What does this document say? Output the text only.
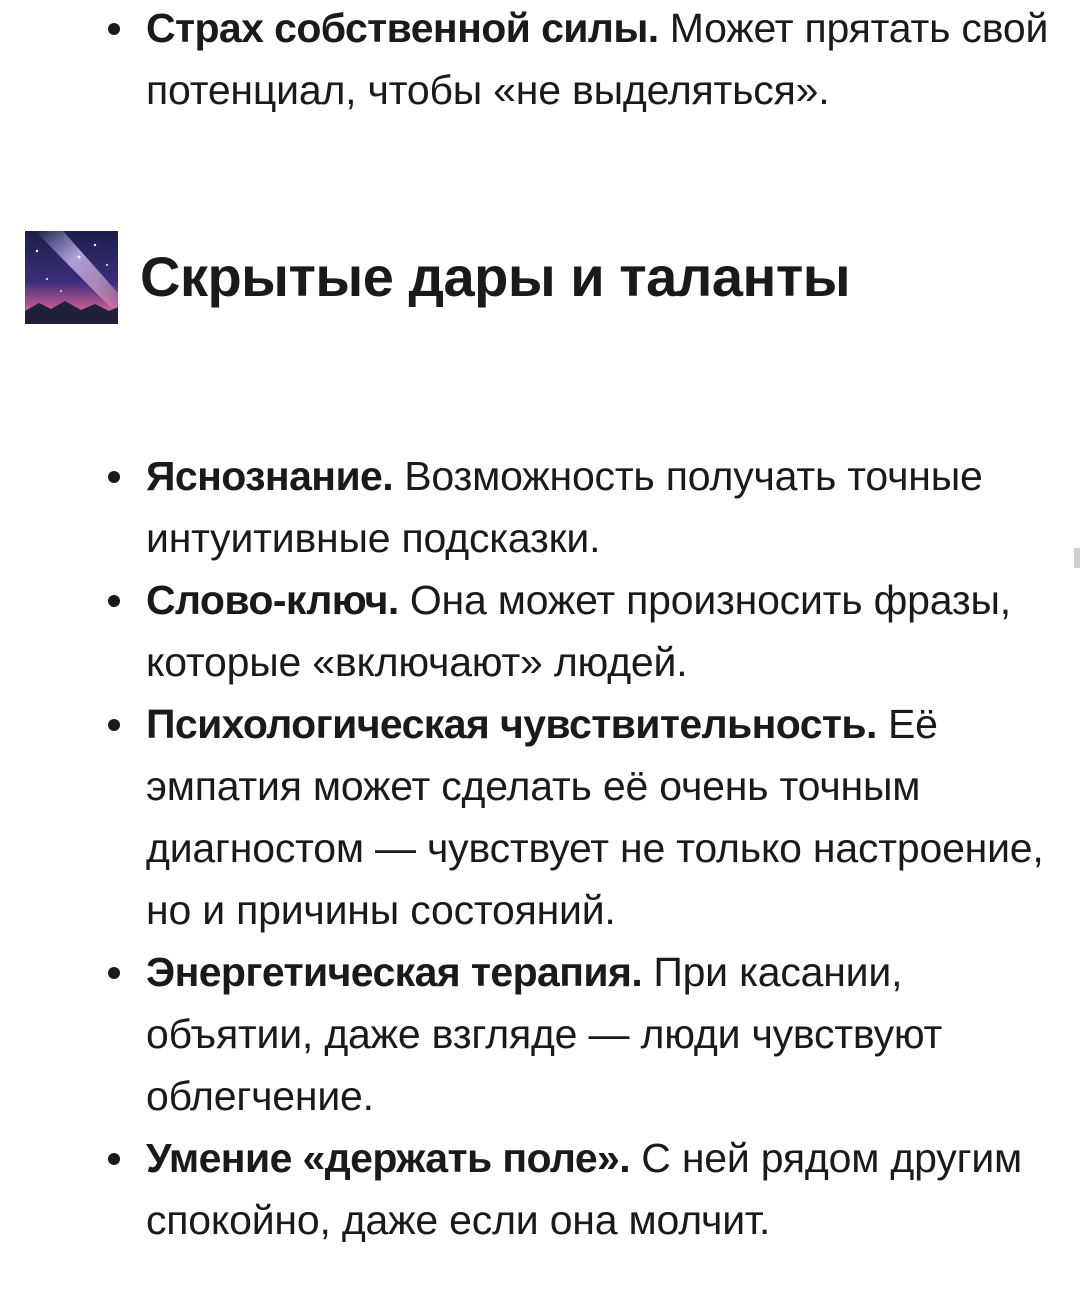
Страх собственной силы. Может прятать свой потенциал, чтобы «не выделяться».
Скрытые дары и таланты
Яснознание. Возможность получать точные интуитивные подсказки.
Слово-ключ. Она может произносить фразы, которые «включают» людей.
Психологическая чувствительность. Её эмпатия может сделать её очень точным диагностом — чувствует не только настроение, но и причины состояний.
Энергетическая терапия. При касании, объятии, даже взгляде — люди чувствуют облегчение.
Умение «держать поле». С ней рядом другим спокойно, даже если она молчит.
